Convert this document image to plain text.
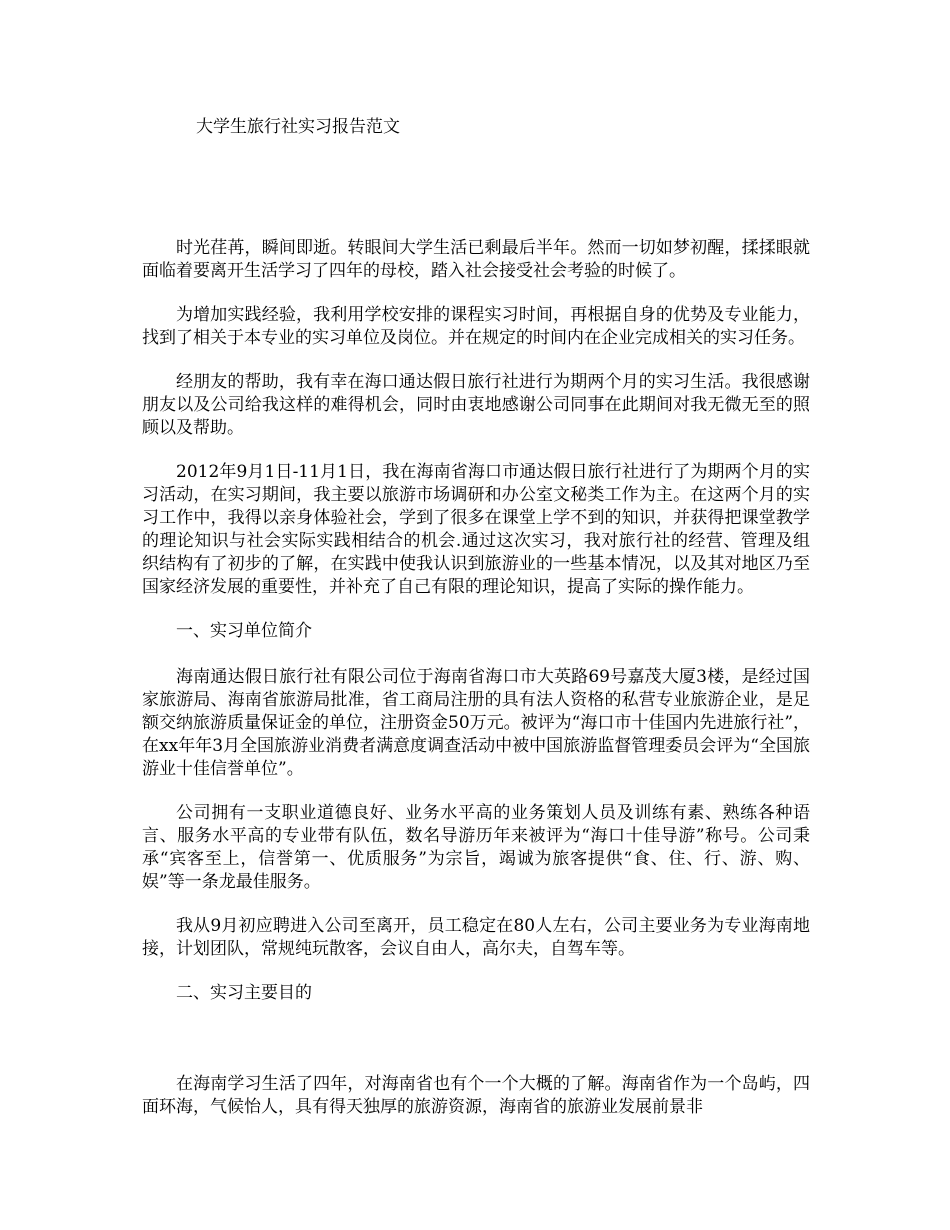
大学生旅行社实习报告范文

时光荏苒，瞬间即逝。转眼间大学生活已剩最后半年。然而一切如梦初醒，揉揉眼就面临着要离开生活学习了四年的母校，踏入社会接受社会考验的时候了。

为增加实践经验，我利用学校安排的课程实习时间，再根据自身的优势及专业能力，找到了相关于本专业的实习单位及岗位。并在规定的时间内在企业完成相关的实习任务。

经朋友的帮助，我有幸在海口通达假日旅行社进行为期两个月的实习生活。我很感谢朋友以及公司给我这样的难得机会，同时由衷地感谢公司同事在此期间对我无微无至的照顾以及帮助。

2012年9月1日-11月1日，我在海南省海口市通达假日旅行社进行了为期两个月的实习活动，在实习期间，我主要以旅游市场调研和办公室文秘类工作为主。在这两个月的实习工作中，我得以亲身体验社会，学到了很多在课堂上学不到的知识，并获得把课堂教学的理论知识与社会实际实践相结合的机会.通过这次实习，我对旅行社的经营、管理及组织结构有了初步的了解，在实践中使我认识到旅游业的一些基本情况，以及其对地区乃至国家经济发展的重要性，并补充了自己有限的理论知识，提高了实际的操作能力。

一、实习单位简介

海南通达假日旅行社有限公司位于海南省海口市大英路69号嘉茂大厦3楼，是经过国家旅游局、海南省旅游局批准，省工商局注册的具有法人资格的私营专业旅游企业，是足额交纳旅游质量保证金的单位，注册资金50万元。被评为“海口市十佳国内先进旅行社”，在xx年年3月全国旅游业消费者满意度调查活动中被中国旅游监督管理委员会评为“全国旅游业十佳信誉单位”。

公司拥有一支职业道德良好、业务水平高的业务策划人员及训练有素、熟练各种语言、服务水平高的专业带有队伍，数名导游历年来被评为“海口十佳导游”称号。公司秉承“宾客至上，信誉第一、优质服务”为宗旨，竭诚为旅客提供“食、住、行、游、购、娱”等一条龙最佳服务。

我从9月初应聘进入公司至离开，员工稳定在80人左右，公司主要业务为专业海南地接，计划团队，常规纯玩散客，会议自由人，高尔夫，自驾车等。

二、实习主要目的

在海南学习生活了四年，对海南省也有个一个大概的了解。海南省作为一个岛屿，四面环海，气候怡人，具有得天独厚的旅游资源，海南省的旅游业发展前景非
